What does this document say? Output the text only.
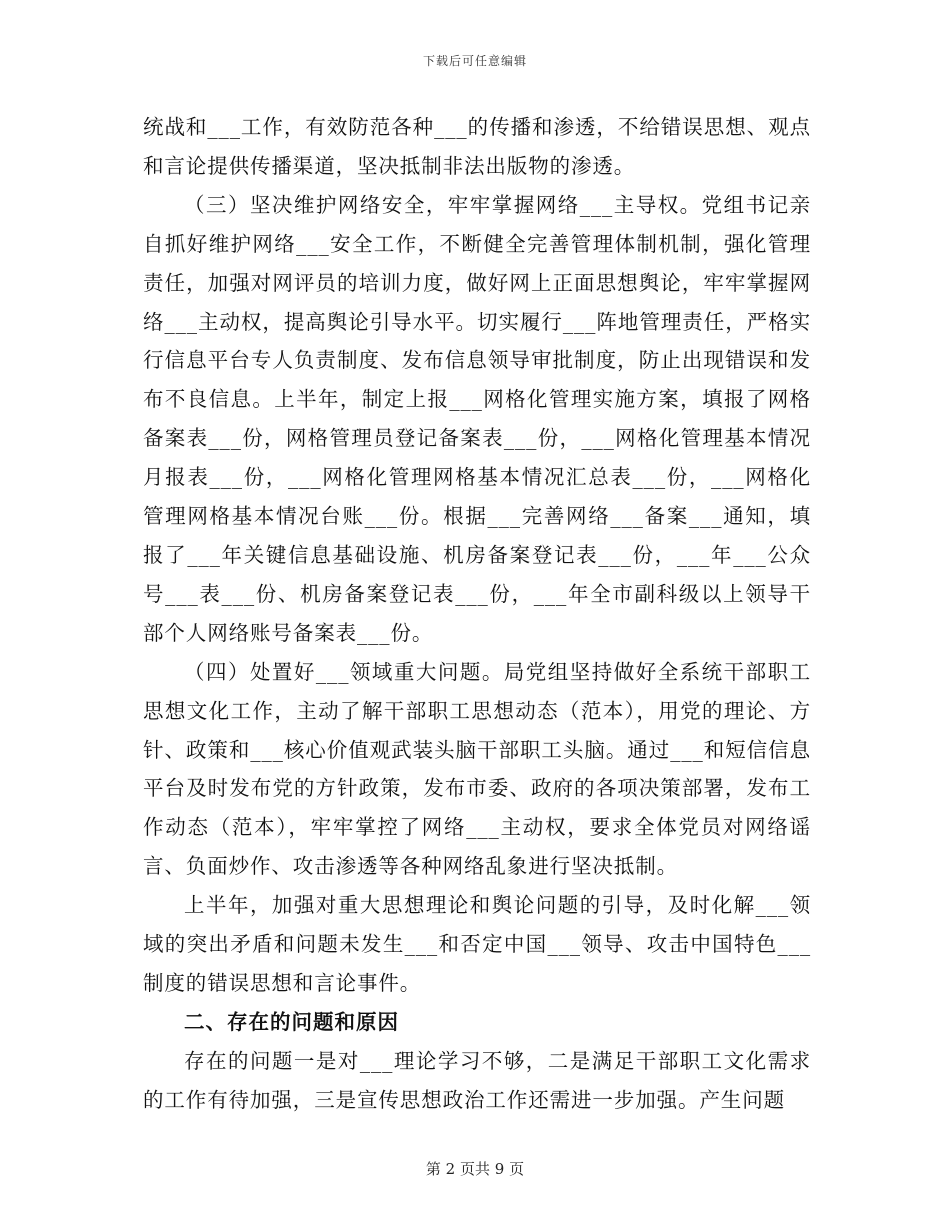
下载后可任意编辑

统战和___工作，有效防范各种___的传播和渗透，不给错误思想、观点和言论提供传播渠道，坚决抵制非法出版物的渗透。

（三）坚决维护网络安全，牢牢掌握网络___主导权。党组书记亲自抓好维护网络___安全工作，不断健全完善管理体制机制，强化管理责任，加强对网评员的培训力度，做好网上正面思想舆论，牢牢掌握网络___主动权，提高舆论引导水平。切实履行___阵地管理责任，严格实行信息平台专人负责制度、发布信息领导审批制度，防止出现错误和发布不良信息。上半年，制定上报___网格化管理实施方案，填报了网格备案表___份，网格管理员登记备案表___份，___网格化管理基本情况月报表___份，___网格化管理网格基本情况汇总表___份，___网格化管理网格基本情况台账___份。根据___完善网络___备案___通知，填报了___年关键信息基础设施、机房备案登记表___份，___年___公众号___表___份、机房备案登记表___份，___年全市副科级以上领导干部个人网络账号备案表___份。

（四）处置好___领域重大问题。局党组坚持做好全系统干部职工思想文化工作，主动了解干部职工思想动态（范本），用党的理论、方针、政策和___核心价值观武装头脑干部职工头脑。通过___和短信信息平台及时发布党的方针政策，发布市委、政府的各项决策部署，发布工作动态（范本），牢牢掌控了网络___主动权，要求全体党员对网络谣言、负面炒作、攻击渗透等各种网络乱象进行坚决抵制。

上半年，加强对重大思想理论和舆论问题的引导，及时化解___领域的突出矛盾和问题未发生___和否定中国___领导、攻击中国特色___制度的错误思想和言论事件。

二、存在的问题和原因

存在的问题一是对___理论学习不够，二是满足干部职工文化需求的工作有待加强，三是宣传思想政治工作还需进一步加强。产生问题

第 2 页共 9 页
